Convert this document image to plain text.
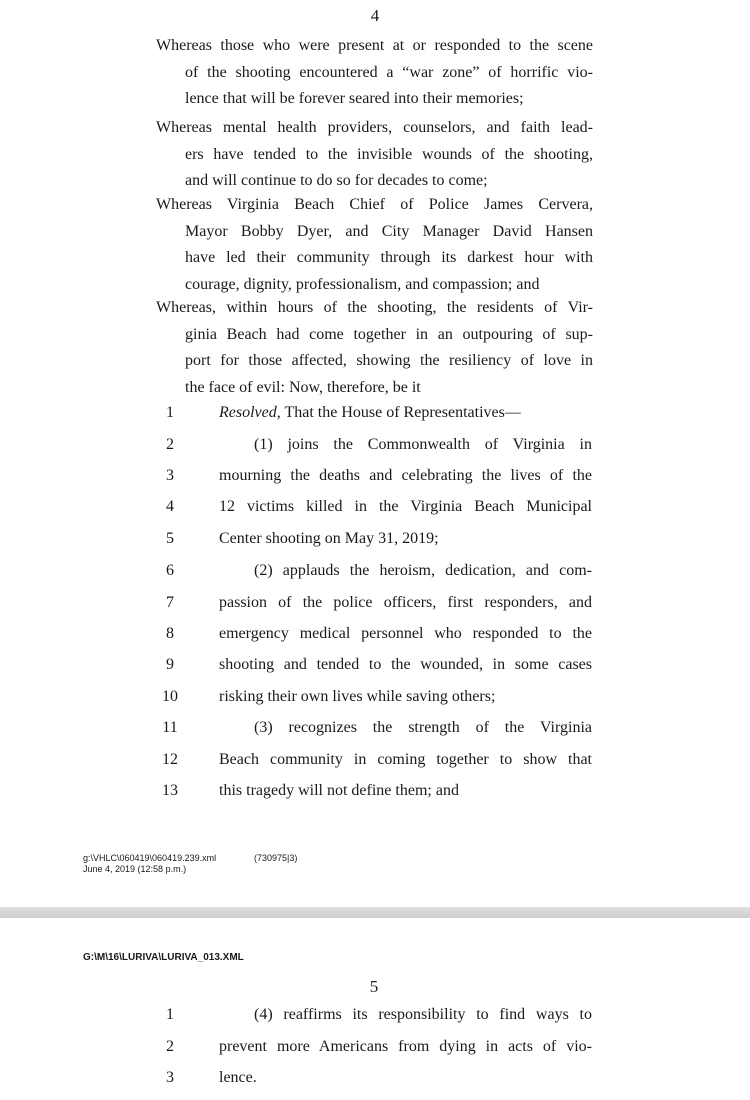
4
Whereas those who were present at or responded to the scene
of the shooting encountered a “war zone” of horrific vio-
lence that will be forever seared into their memories;
Whereas mental health providers, counselors, and faith lead-
ers have tended to the invisible wounds of the shooting,
and will continue to do so for decades to come;
Whereas Virginia Beach Chief of Police James Cervera,
Mayor Bobby Dyer, and City Manager David Hansen
have led their community through its darkest hour with
courage, dignity, professionalism, and compassion; and
Whereas, within hours of the shooting, the residents of Vir-
ginia Beach had come together in an outpouring of sup-
port for those affected, showing the resiliency of love in
the face of evil: Now, therefore, be it
1	Resolved, That the House of Representatives—
2	(1) joins the Commonwealth of Virginia in
3	mourning the deaths and celebrating the lives of the
4	12 victims killed in the Virginia Beach Municipal
5	Center shooting on May 31, 2019;
6	(2) applauds the heroism, dedication, and com-
7	passion of the police officers, first responders, and
8	emergency medical personnel who responded to the
9	shooting and tended to the wounded, in some cases
10	risking their own lives while saving others;
11	(3) recognizes the strength of the Virginia
12	Beach community in coming together to show that
13	this tragedy will not define them; and
g:\VHLC\060419\060419.239.xml
June 4, 2019 (12:58 p.m.)
(730975|3)
G:\M\16\LURIVA\LURIVA_013.XML
5
1	(4) reaffirms its responsibility to find ways to
2	prevent more Americans from dying in acts of vio-
3	lence.
